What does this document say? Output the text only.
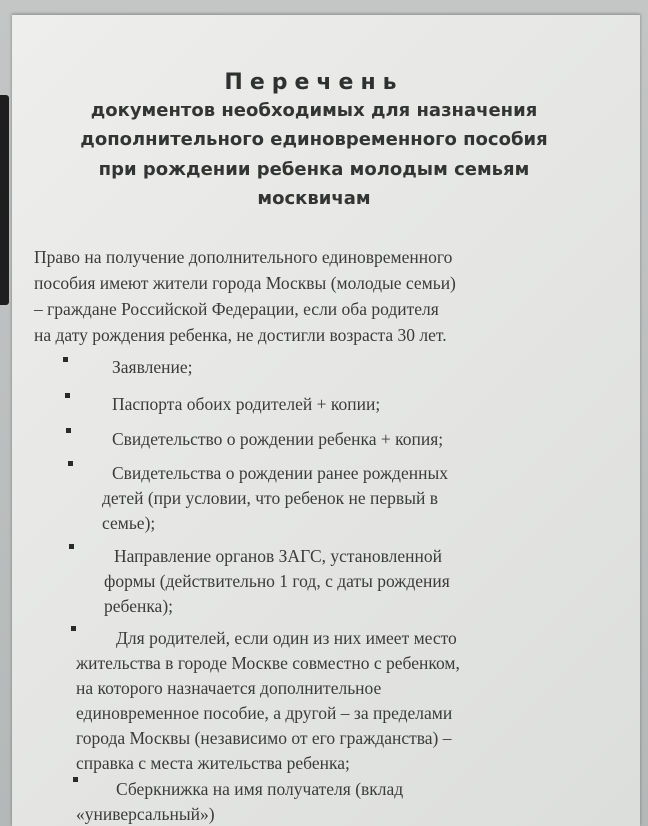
Перечень
документов необходимых для назначения
дополнительного единовременного пособия
при рождении ребенка молодым семьям
москвичам
Право на получение дополнительного единовременного
пособия имеют жители города Москвы (молодые семьи)
– граждане Российской Федерации, если оба родителя
на дату рождения ребенка, не достигли возраста 30 лет.
Заявление;
Паспорта обоих родителей + копии;
Свидетельство о рождении ребенка + копия;
Свидетельства о рождении ранее рожденных
детей (при условии, что ребенок не первый в
семье);
Направление органов ЗАГС, установленной
формы (действительно 1 год, с даты рождения
ребенка);
Для родителей, если один из них имеет место
жительства в городе Москве совместно с ребенком,
на которого назначается дополнительное
единовременное пособие, а другой – за пределами
города Москвы (независимо от его гражданства) –
справка с места жительства ребенка;
Сберкнижка на имя получателя (вклад
«универсальный»)
